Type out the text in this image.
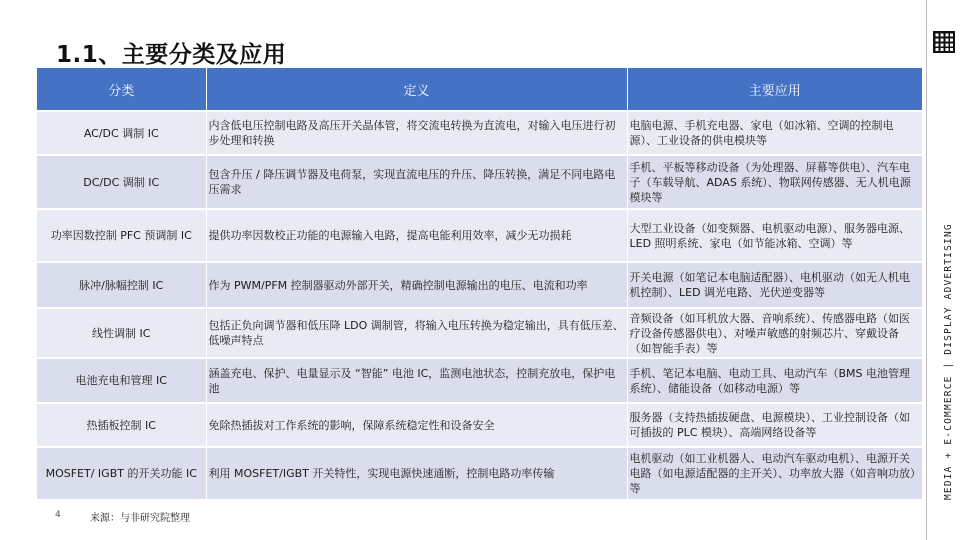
1.1、主要分类及应用
分类	定义	主要应用
AC/DC 调制 IC	内含低电压控制电路及高压开关晶体管，将交流电转换为直流电，对输入电压进行初步处理和转换	电脑电源、手机充电器、家电（如冰箱、空调的控制电源）、工业设备的供电模块等
DC/DC 调制 IC	包含升压 / 降压调节器及电荷泵，实现直流电压的升压、降压转换，满足不同电路电压需求	手机、平板等移动设备（为处理器、屏幕等供电）、汽车电子（车载导航、ADAS 系统）、物联网传感器、无人机电源模块等
功率因数控制 PFC 预调制 IC	提供功率因数校正功能的电源输入电路，提高电能利用效率，减少无功损耗	大型工业设备（如变频器、电机驱动电源）、服务器电源、LED 照明系统、家电（如节能冰箱、空调）等
脉冲/脉幅控制 IC	作为 PWM/PFM 控制器驱动外部开关，精确控制电源输出的电压、电流和功率	开关电源（如笔记本电脑适配器）、电机驱动（如无人机电机控制）、LED 调光电路、光伏逆变器等
线性调制 IC	包括正负向调节器和低压降 LDO 调制管，将输入电压转换为稳定输出，具有低压差、低噪声特点	音频设备（如耳机放大器、音响系统）、传感器电路（如医疗设备传感器供电）、对噪声敏感的射频芯片、穿戴设备（如智能手表）等
电池充电和管理 IC	涵盖充电、保护、电量显示及 “智能” 电池 IC，监测电池状态，控制充放电，保护电池	手机、笔记本电脑、电动工具、电动汽车（BMS 电池管理系统）、储能设备（如移动电源）等
热插板控制 IC	免除热插拔对工作系统的影响，保障系统稳定性和设备安全	服务器（支持热插拔硬盘、电源模块）、工业控制设备（如可插拔的 PLC 模块）、高端网络设备等
MOSFET/ IGBT 的开关功能 IC	利用 MOSFET/IGBT 开关特性，实现电源快速通断，控制电路功率传输	电机驱动（如工业机器人、电动汽车驱动电机）、电源开关电路（如电源适配器的主开关）、功率放大器（如音响功放）等
4	来源：与非研究院整理
MEDIA + E-COMMERCE | DISPLAY ADVERTISING
